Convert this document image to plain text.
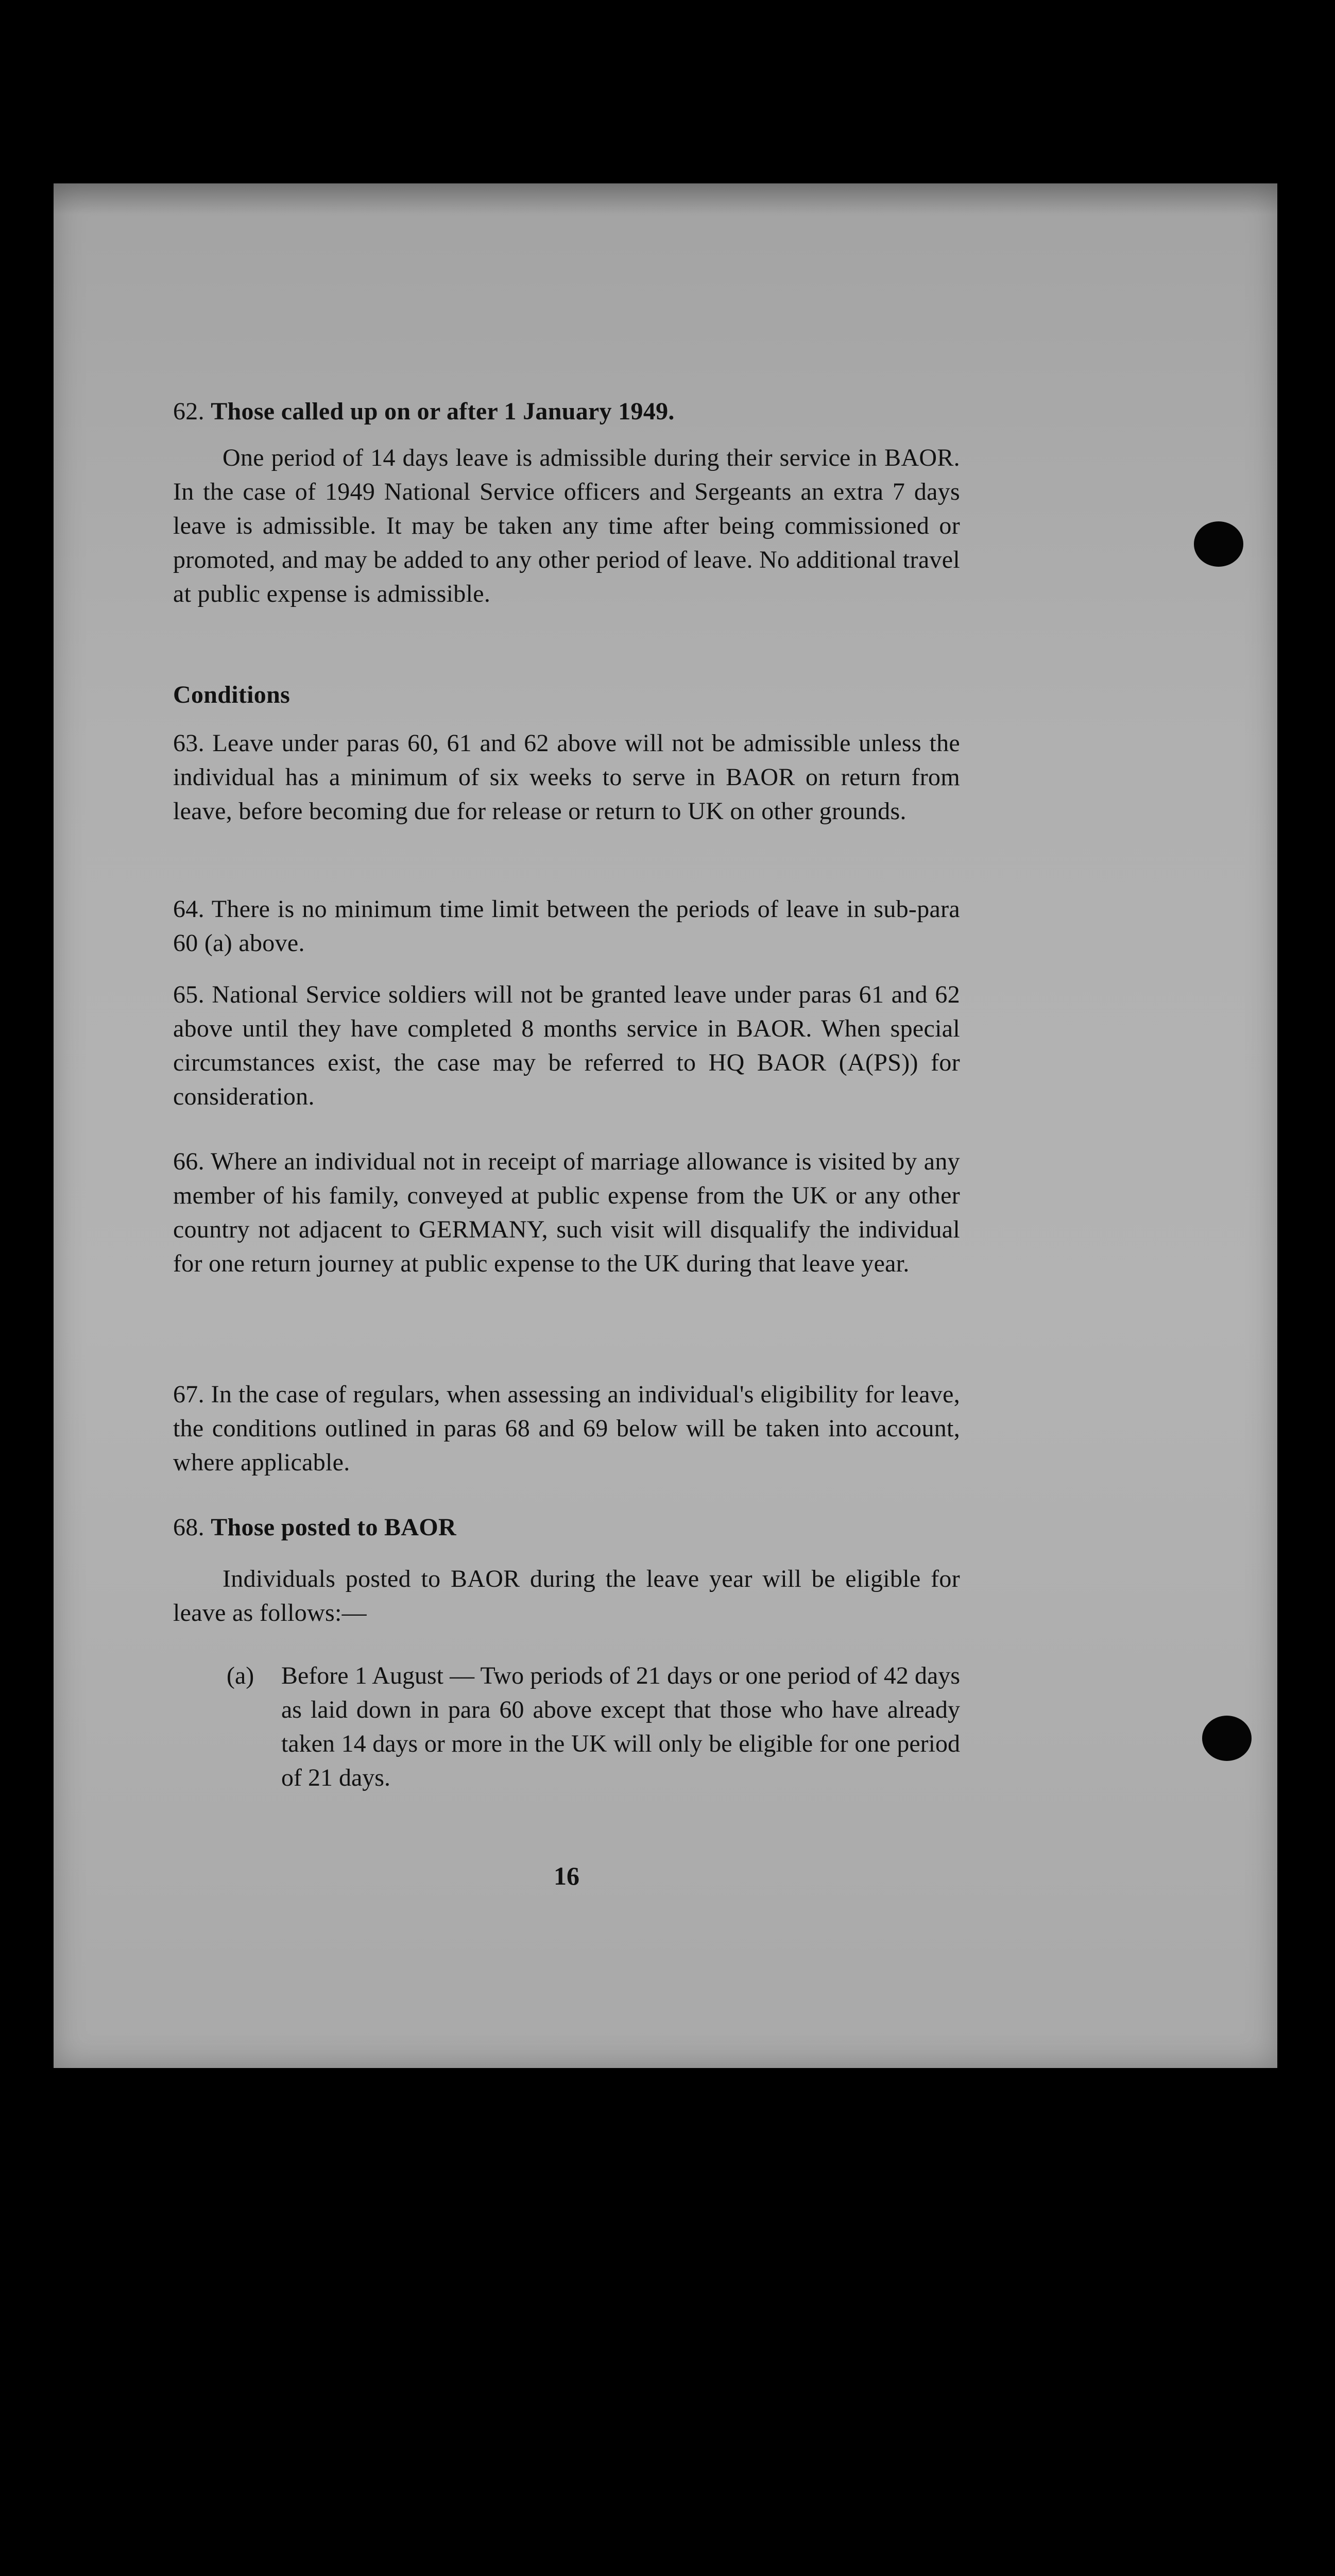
62. Those called up on or after 1 January 1949.

One period of 14 days leave is admissible during their service in BAOR. In the case of 1949 National Service officers and Sergeants an extra 7 days leave is admissible. It may be taken any time after being commissioned or promoted, and may be added to any other period of leave. No additional travel at public expense is admissible.

Conditions

63. Leave under paras 60, 61 and 62 above will not be admissible unless the individual has a minimum of six weeks to serve in BAOR on return from leave, before becoming due for release or return to UK on other grounds.

64. There is no minimum time limit between the periods of leave in sub-para 60 (a) above.

65. National Service soldiers will not be granted leave under paras 61 and 62 above until they have completed 8 months service in BAOR. When special circumstances exist, the case may be referred to HQ BAOR (A(PS)) for consideration.

66. Where an individual not in receipt of marriage allowance is visited by any member of his family, conveyed at public expense from the UK or any other country not adjacent to GERMANY, such visit will disqualify the individual for one return journey at public expense to the UK during that leave year.

67. In the case of regulars, when assessing an individual's eligibility for leave, the conditions outlined in paras 68 and 69 below will be taken into account, where applicable.

68. Those posted to BAOR

Individuals posted to BAOR during the leave year will be eligible for leave as follows:—

(a)	Before 1 August — Two periods of 21 days or one period of 42 days as laid down in para 60 above except that those who have already taken 14 days or more in the UK will only be eligible for one period of 21 days.
16
